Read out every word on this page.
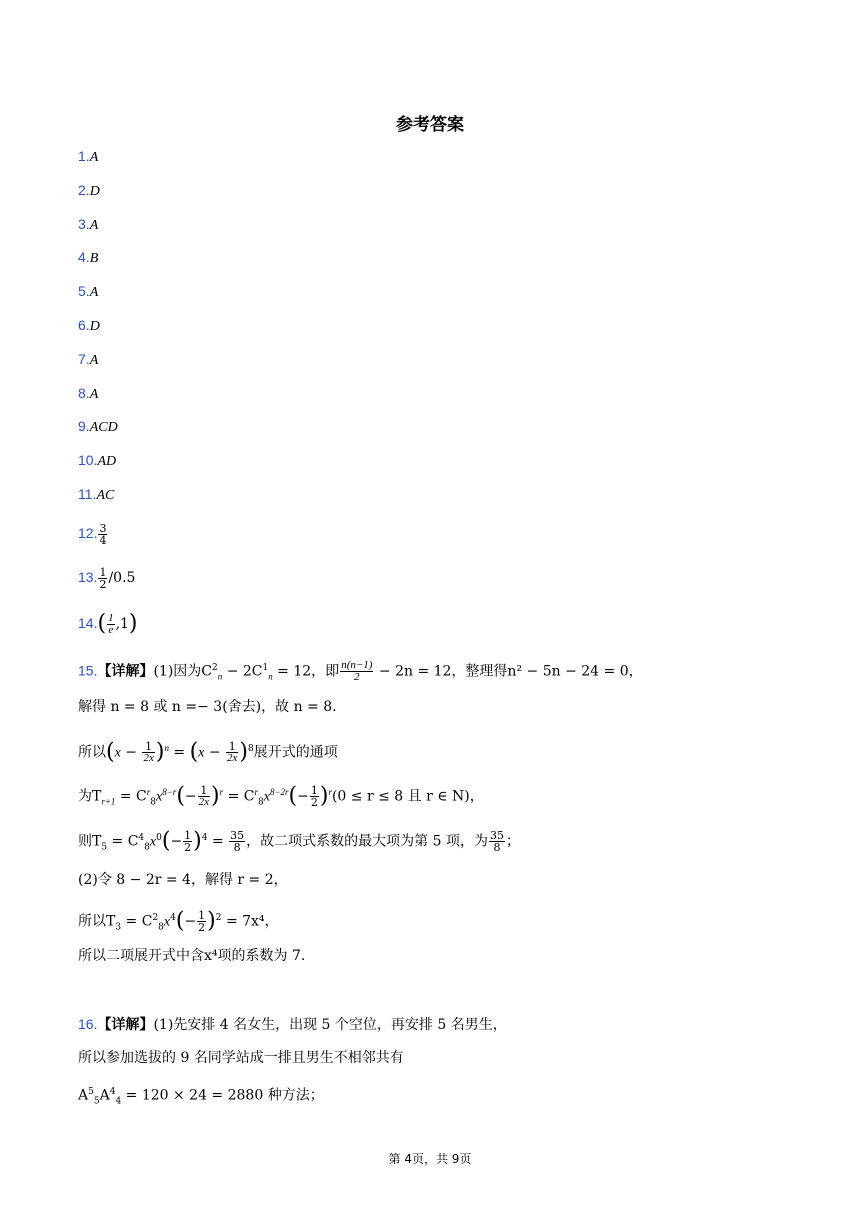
参考答案
1.A
2.D
3.A
4.B
5.A
6.D
7.A
8.A
9.ACD
10.AD
11.AC
12. $\frac{3}{4}$
13. $\frac{1}{2} /0.5$
$14.( \frac{1}{e} ,1)$
15.【详解】(1)因为$C^2_n - 2C^1_n = 12$，即 $\frac{n(n-1)}{2} - 2n = 12$，整理得n² − 5n − 24 = 0，
解得 n = 8 或 n =− 3(舍去)，故 n = 8.
所以$(x - \frac{1}{2x} )^n = (x - \frac{1}{2x} )^8$展开式的通项
为$T_{r+1} = C^r_8x^{8-r}(- \frac{1}{2x} )^r = C^r_8x^{8-2r}(- \frac{1}{2} )^r(0 \le r \le 8$ 且 r ∈ N)，
则$T_5 = C^4_8x^0(- \frac{1}{2} )^4 = \frac{35}{8}$ ，故二项式系数的最大项为第 5 项，为 $\frac{35}{8}$ ；
(2)令 8 − 2r = 4，解得 r = 2，
所以$T_3 = C^2_8x^4(- \frac{1}{2} )^2 = 7x^4$，
所以二项展开式中含x⁴项的系数为 7.
16.【详解】(1)先安排 4 名女生，出现 5 个空位，再安排 5 名男生，
所以参加选拔的 9 名同学站成一排且男生不相邻共有
$A^5_5A^4_4 = 120 \times 24 = 2880$ 种方法；
第 4页，共 9页
